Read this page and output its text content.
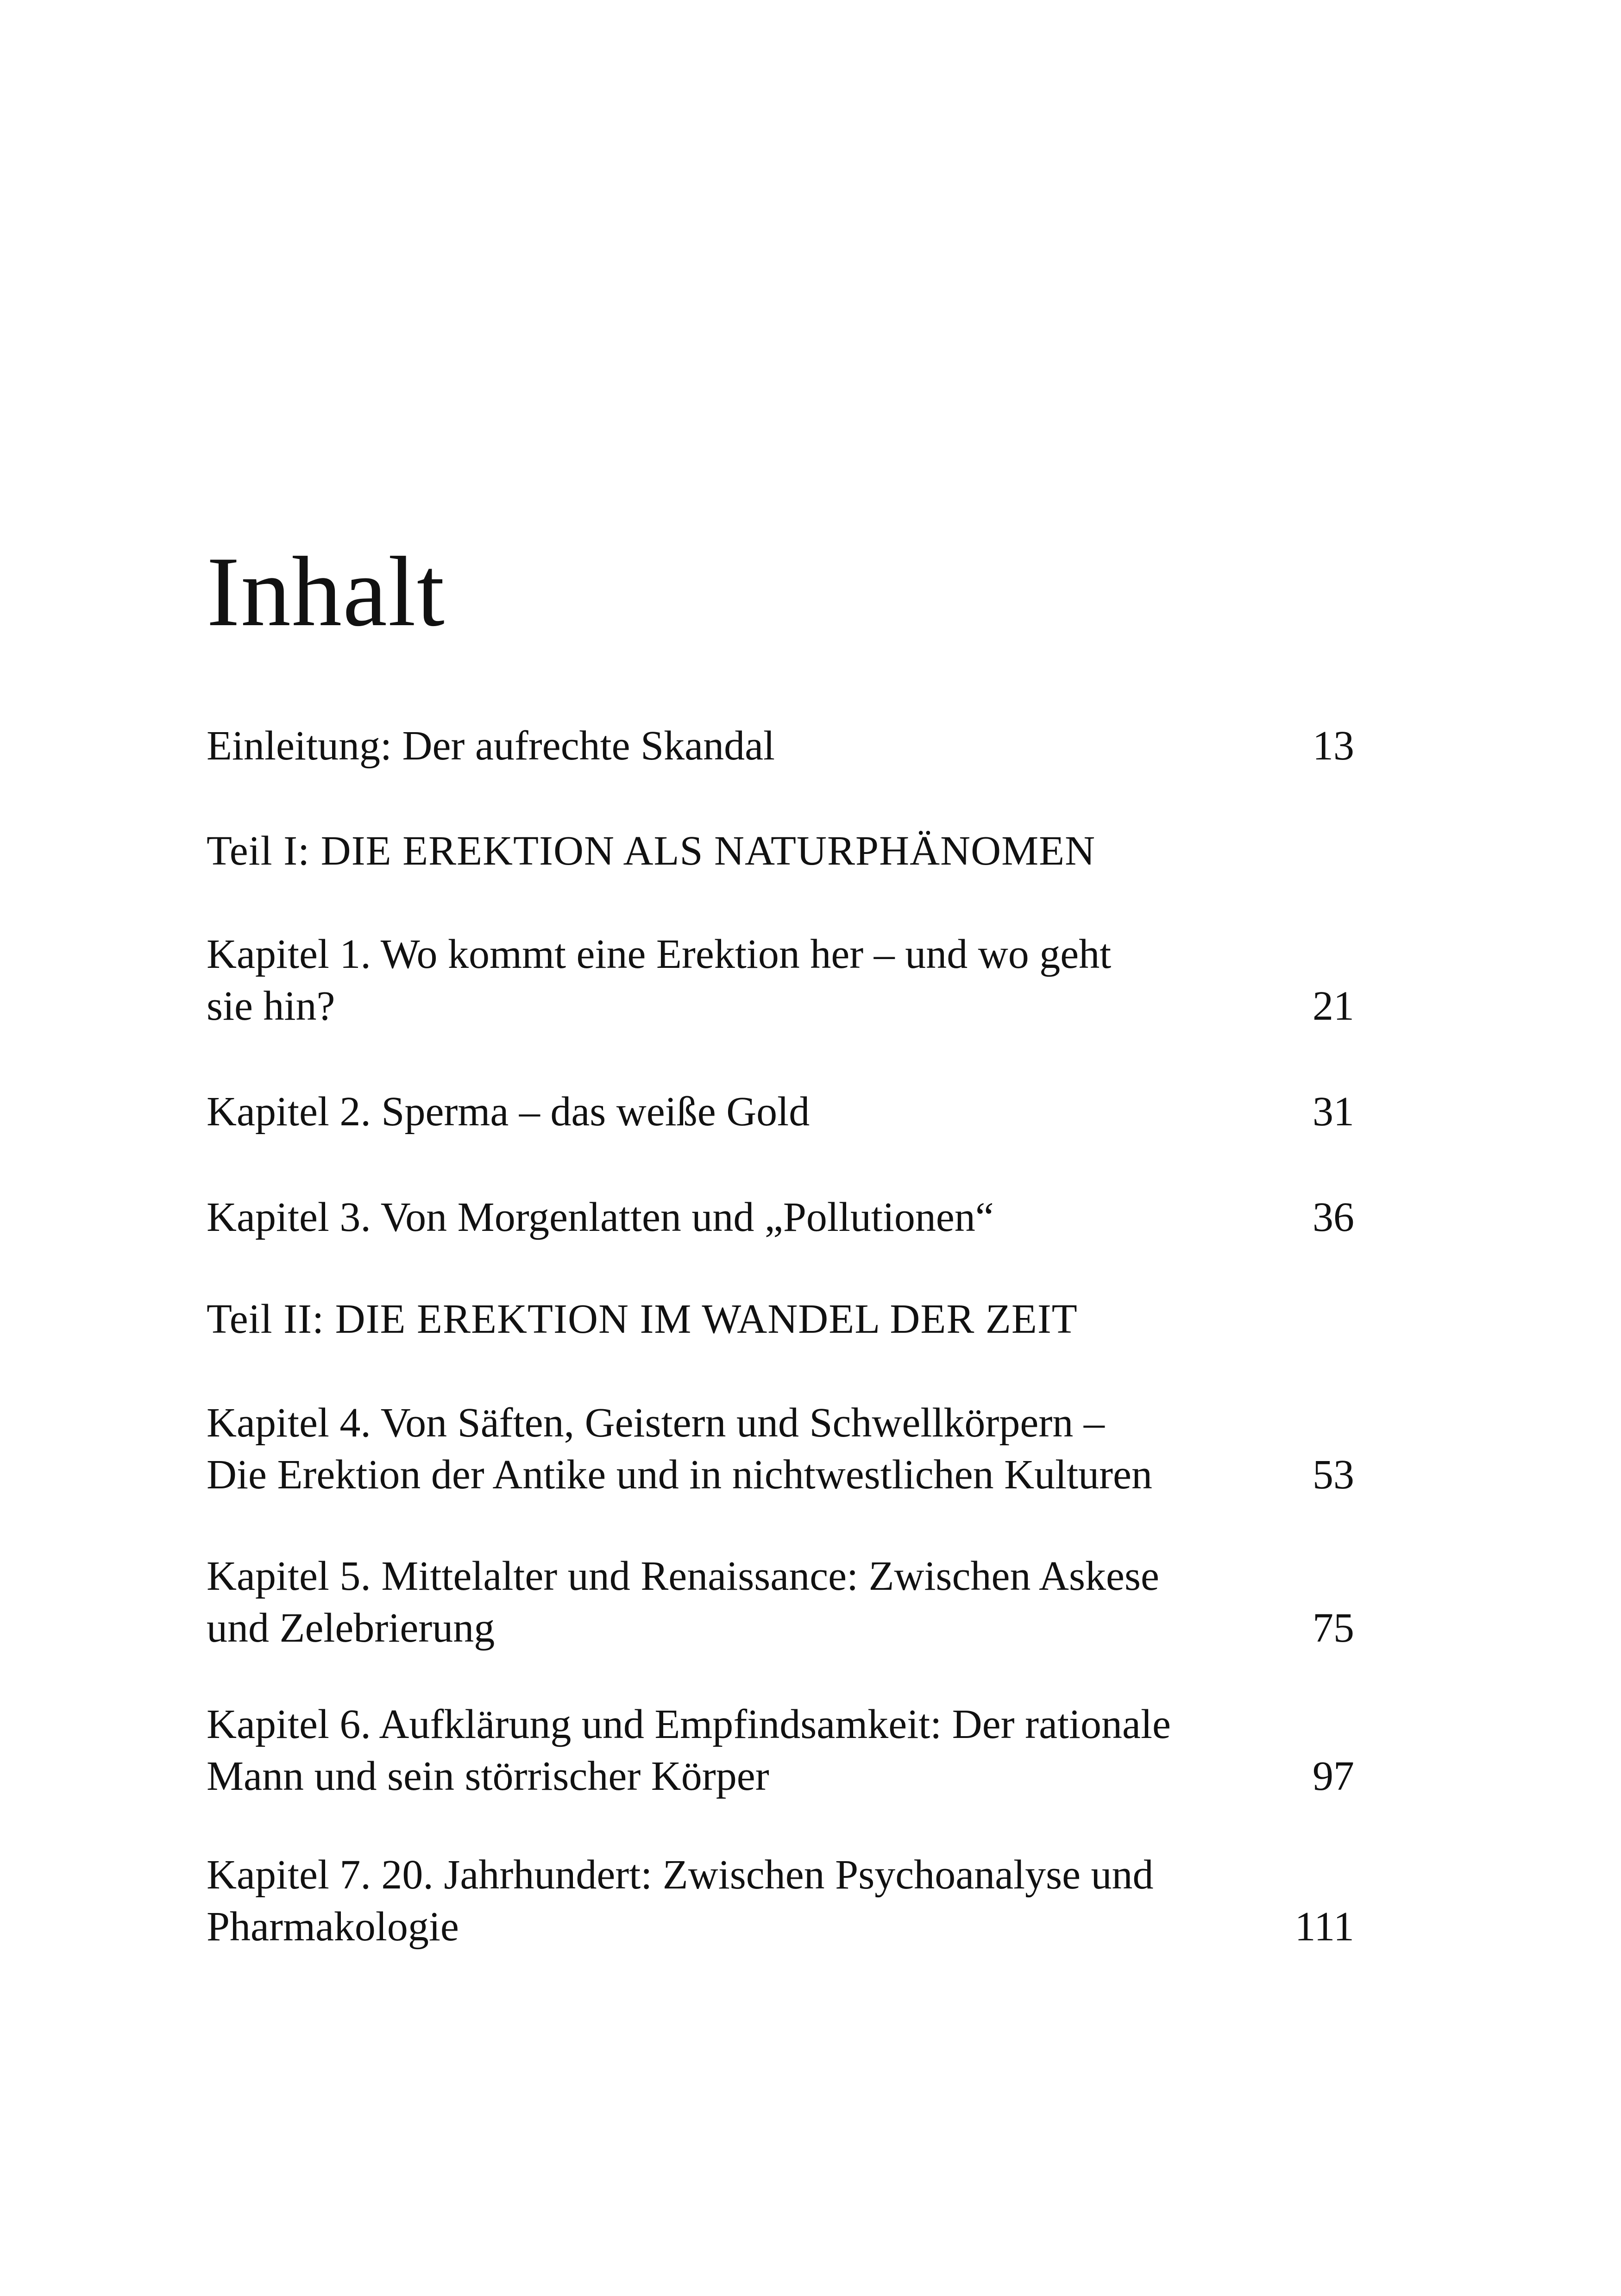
Inhalt
Einleitung: Der aufrechte Skandal	13
Teil I: DIE EREKTION ALS NATURPHÄNOMEN
Kapitel 1. Wo kommt eine Erektion her – und wo geht
sie hin?	21
Kapitel 2. Sperma – das weiße Gold	31
Kapitel 3. Von Morgenlatten und „Pollutionen“	36
Teil II: DIE EREKTION IM WANDEL DER ZEIT
Kapitel 4. Von Säften, Geistern und Schwellkörpern –
Die Erektion der Antike und in nichtwestlichen Kulturen	53
Kapitel 5. Mittelalter und Renaissance: Zwischen Askese
und Zelebrierung	75
Kapitel 6. Aufklärung und Empfindsamkeit: Der rationale
Mann und sein störrischer Körper	97
Kapitel 7. 20. Jahrhundert: Zwischen Psychoanalyse und
Pharmakologie	111
